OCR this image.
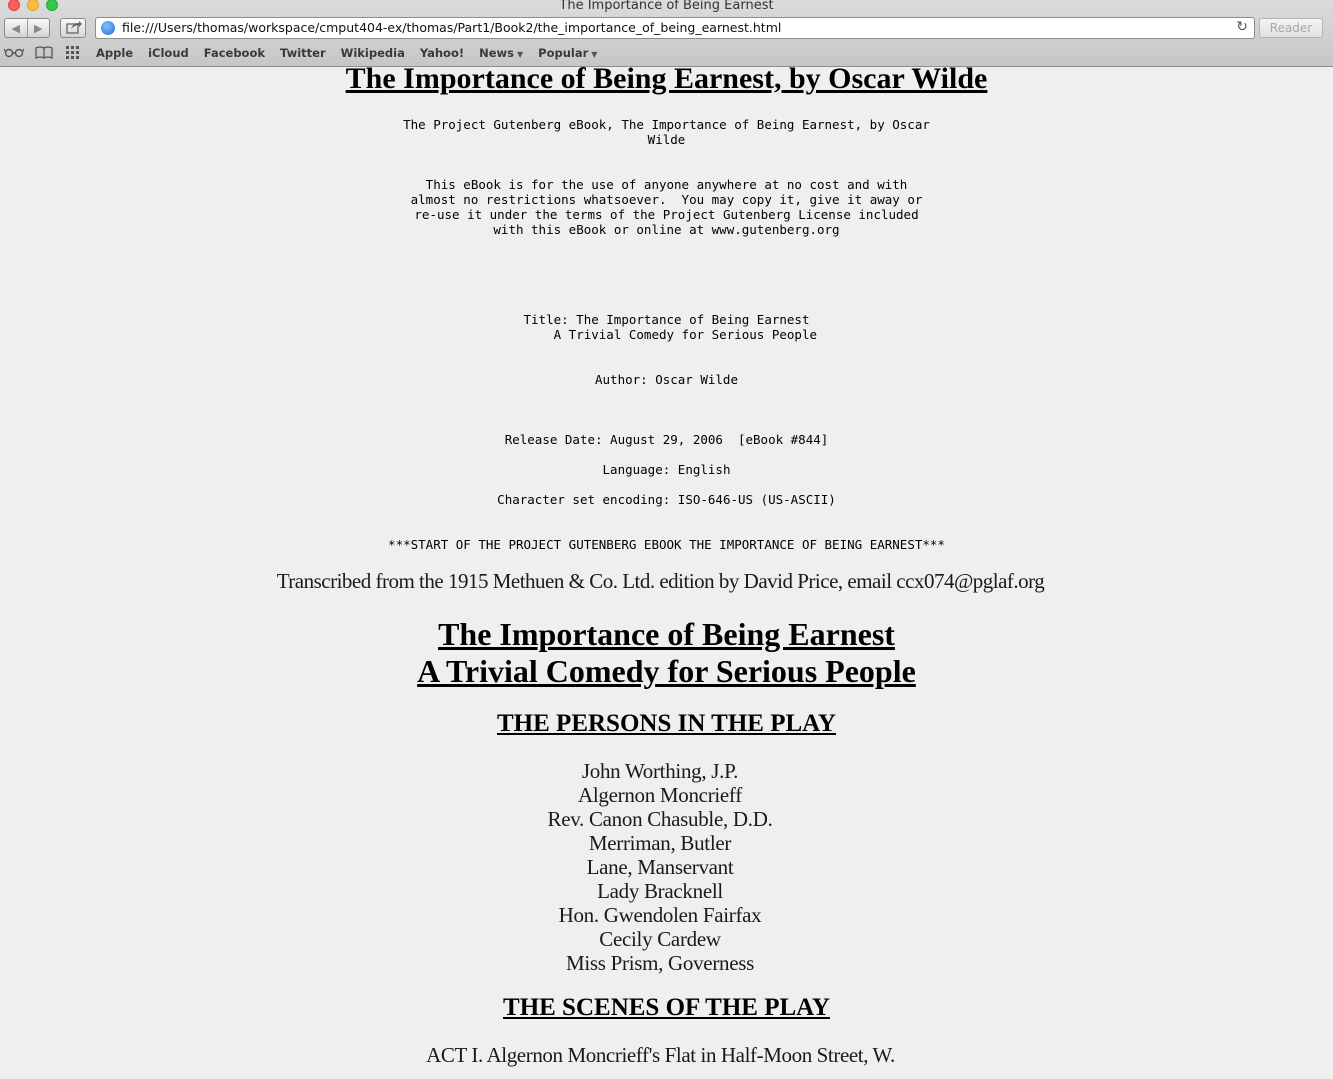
The Importance of Being Earnest
◀ ▶	file:///Users/thomas/workspace/cmput404-ex/thomas/Part1/Book2/the_importance_of_being_earnest.html	↻	Reader
Apple iCloud Facebook Twitter Wikipedia Yahoo! News ▼ Popular ▼
The Importance of Being Earnest, by Oscar Wilde
The Project Gutenberg eBook, The Importance of Being Earnest, by Oscar
Wilde
This eBook is for the use of anyone anywhere at no cost and with
almost no restrictions whatsoever.  You may copy it, give it away or
re-use it under the terms of the Project Gutenberg License included
with this eBook or online at www.gutenberg.org
Title: The Importance of Being Earnest
A Trivial Comedy for Serious People
Author: Oscar Wilde
Release Date: August 29, 2006  [eBook #844]
Language: English
Character set encoding: ISO-646-US (US-ASCII)
***START OF THE PROJECT GUTENBERG EBOOK THE IMPORTANCE OF BEING EARNEST***
Transcribed from the 1915 Methuen & Co. Ltd. edition by David Price, email ccx074@pglaf.org
The Importance of Being Earnest
A Trivial Comedy for Serious People
THE PERSONS IN THE PLAY
John Worthing, J.P.
Algernon Moncrieff
Rev. Canon Chasuble, D.D.
Merriman, Butler
Lane, Manservant
Lady Bracknell
Hon. Gwendolen Fairfax
Cecily Cardew
Miss Prism, Governess
THE SCENES OF THE PLAY
ACT I. Algernon Moncrieff's Flat in Half-Moon Street, W.
